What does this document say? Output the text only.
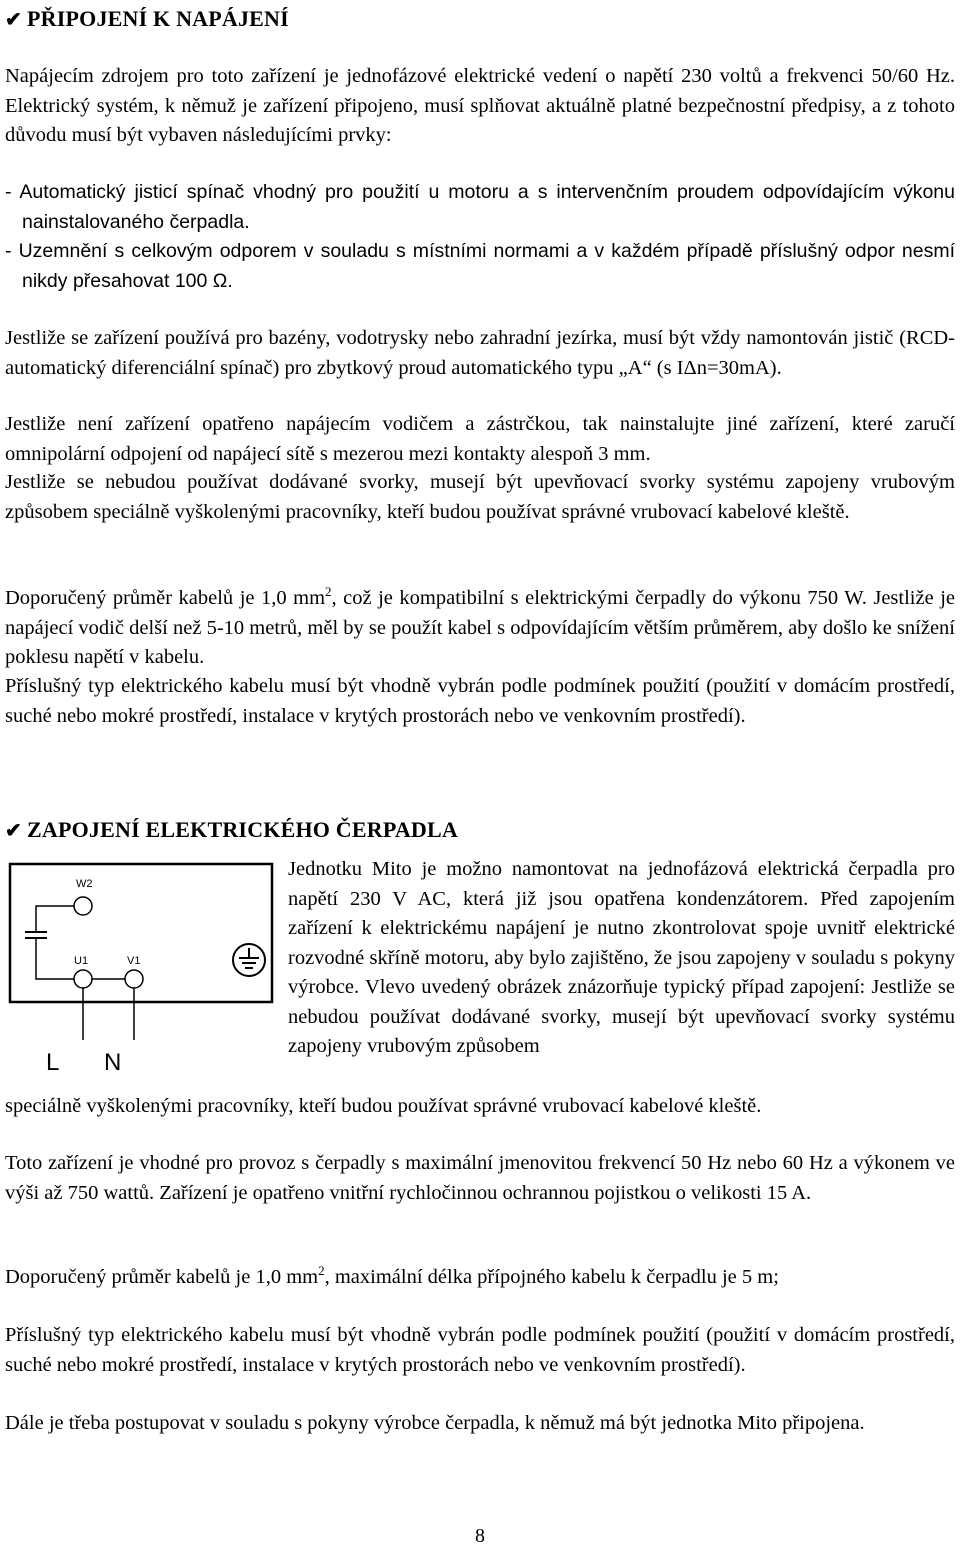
✔ PŘIPOJENÍ K NAPÁJENÍ
Napájecím zdrojem pro toto zařízení je jednofázové elektrické vedení o napětí 230 voltů a frekvenci 50/60 Hz. Elektrický systém, k němuž je zařízení připojeno, musí splňovat aktuálně platné bezpečnostní předpisy, a z tohoto důvodu musí být vybaven následujícími prvky:
- Automatický jisticí spínač vhodný pro použití u motoru a s intervenčním proudem odpovídajícím výkonu nainstalovaného čerpadla.
- Uzemnění s celkovým odporem v souladu s místními normami a v každém případě příslušný odpor nesmí nikdy přesahovat 100 Ω.
Jestliže se zařízení používá pro bazény, vodotrysky nebo zahradní jezírka, musí být vždy namontován jistič (RCD-automatický diferenciální spínač) pro zbytkový proud automatického typu „A“ (s IΔn=30mA).
Jestliže není zařízení opatřeno napájecím vodičem a zástrčkou, tak nainstalujte jiné zařízení, které zaručí omnipolární odpojení od napájecí sítě s mezerou mezi kontakty alespoň 3 mm.
Jestliže se nebudou používat dodávané svorky, musejí být upevňovací svorky systému zapojeny vrubovým způsobem speciálně vyškolenými pracovníky, kteří budou používat správné vrubovací kabelové kleště.
Doporučený průměr kabelů je 1,0 $mm^2$, což je kompatibilní s elektrickými čerpadly do výkonu 750 W. Jestliže je napájecí vodič delší než 5-10 metrů, měl by se použít kabel s odpovídajícím větším průměrem, aby došlo ke snížení poklesu napětí v kabelu.
Příslušný typ elektrického kabelu musí být vhodně vybrán podle podmínek použití (použití v domácím prostředí, suché nebo mokré prostředí, instalace v krytých prostorách nebo ve venkovním prostředí).
✔ ZAPOJENÍ ELEKTRICKÉHO ČERPADLA
W2
U1	V1
L N
Jednotku Mito je možno namontovat na jednofázová elektrická čerpadla pro napětí 230 V AC, která již jsou opatřena kondenzátorem. Před zapojením zařízení k elektrickému napájení je nutno zkontrolovat spoje uvnitř elektrické rozvodné skříně motoru, aby bylo zajištěno, že jsou zapojeny v souladu s pokyny výrobce. Vlevo uvedený obrázek znázorňuje typický případ zapojení: Jestliže se nebudou používat dodávané svorky, musejí být upevňovací svorky systému zapojeny vrubovým způsobem
speciálně vyškolenými pracovníky, kteří budou používat správné vrubovací kabelové kleště.
Toto zařízení je vhodné pro provoz s čerpadly s maximální jmenovitou frekvencí 50 Hz nebo 60 Hz a výkonem ve výši až 750 wattů. Zařízení je opatřeno vnitřní rychločinnou ochrannou pojistkou o velikosti 15 A.
Doporučený průměr kabelů je 1,0 $mm^2$, maximální délka přípojného kabelu k čerpadlu je 5 m;
Příslušný typ elektrického kabelu musí být vhodně vybrán podle podmínek použití (použití v domácím prostředí, suché nebo mokré prostředí, instalace v krytých prostorách nebo ve venkovním prostředí).
Dále je třeba postupovat v souladu s pokyny výrobce čerpadla, k němuž má být jednotka Mito připojena.
8
